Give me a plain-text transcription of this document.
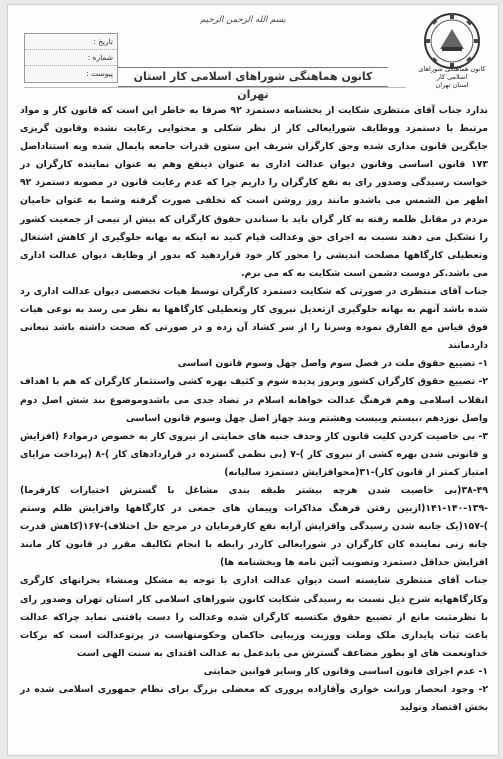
کانون هماهنگی شوراهای اسلامی کار
استان تهران
بسم الله الرحمن الرحیم
تاریخ :
شماره :
پیوست :	کانون هماهنگی شوراهای اسلامی کار استان تهران

ندارد جناب آقای منتظری شکایت از بخشنامه دستمزد ۹۲ صرفا به خاطر این است که قانون کار و مواد مرتبط با دستمزد ووظایف شورایعالی کار از نظر شکلی و محتوایی رعایت نشده وقانون گریزی جایگزین قانون مداری شده وحق کارگران شریف این ستون قدرات جامعه پایمال شده وبه استناداصل ۱۷۳ قانون اساسی وقانون دیوان عدالت اداری به عنوان ذینفع وهم به عنوان نماینده کارگران در خواست رسیدگی وصدور رای به نفع کارگران را داریم چرا که عدم رعایت قانون در مصوبه دستمزد ۹۲ اظهر من الشمس می باشدو مانند روز روشن است که تخلفی صورت گرفته وشما به عنوان حامیان مردم در مقابل ظلمه رفته به کار گران باید با ستاندن حقوق کارگران که بیش از نیمی از جمعیت کشور را تشکیل می دهند نسبت به اجرای حق وعدالت قیام کنید نه اینکه به بهانه جلوگیری از کاهش اشتغال وتعطیلی کارگاهها مصلحت اندیشی را محور کار خود قراردهید که بدور از وظایف دیوان عدالت اداری می باشد.کر دوست دشمن است شکایت به که می برم.

جناب آقای منتظری در صورتی که شکایت دستمزد کارگران توسط هیات تخصصی دیوان عدالت اداری رد شده باشد آنهم به بهانه جلوگیری ازتعدیل نیروی کار وتعطیلی کارگاهها به نظر می رسد به نوعی هیات فوق قیاس مع الفارق نموده وسرنا را از سر کشاد آن زده و در صورتی که صحت داشته باشد تبعاتی داردمانند

۱- تضییع حقوق ملت در فصل سوم واصل چهل وسوم قانون اساسی

۲- تضییع حقوق کارگران کشور وبروز پدیده شوم و کثیف بهره کشی واستثمار کارگران که هم با اهداف انقلاب اسلامی وهم فرهنگ عدالت خواهانه اسلام در تضاد جدی می باشدوموضوع بند شش اصل دوم واصل نوزدهم ،بیستم وبیست وهشتم وبند چهار اصل چهل وسوم قانون اساسی

۳- بی خاصیت کردن کلیت قانون کار وحذف جنبه های حمایتی از نیروی کار به خصوص درمواد۶ (افزایش و قانونی شدن بهره کشی از نیروی کار )-۷ (بی نظمی گسترده در قراردادهای کار )-۸ (پرداخت مزایای امتیاز کمتر از قانون کار)-۳۱(محوافزایش دستمزد سالیانه)

۳۸-۴۹(بی خاصیت شدن هرچه بیشتر طبقه بندی مشاغل با گسترش اختیارات کارفرما) -۱۳۹-۱۴۰-۱۴۱(ازبین رفتن فرهنگ مذاکرات وپیمان های جمعی در کارگاهها وافزایش ظلم وستم )-۱۵۷(یک جانبه شدن رسیدگی واقزایش آرابه نفع کارفرمایان در مرجع حل اختلاف)-۱۶۷(کاهش قدرت چانه زنی نماینده کان کارگران در شورایعالی کاردر رابطه با انجام تکالیف مقرر در قانون کار مانند افزایش حداقل دستمزد وتصویب آئین نامه ها وبخشنامه ها)

جناب آقای منتظری شایسته است دیوان عدالت اداری با توجه به مشکل ومنشاء بحرانهای کارگری وکارگاههایه شرح ذیل نسبت به رسیدگی شکایت کانون شوراهای اسلامی کار استان تهران وصدور رای با نظرمثبت مانع از تضییع حقوق مکتسبه کارگران شده وعدالت را دست یافتنی نماید چراکه عدالت باعث ثبات پایداری ملک وملت ووزیت وزیبایی حاکمان وحکومتهاست در پرتوعدالت است که برکات خداونعمت های او بطور مضاعف گسترش می یابدعمل به عدالت اقتدای به سنت الهی است

۱- عدم اجرای قانون اساسی وقانون کار وسایر قوانین حمایتی

۲- وجود انحصار ورانت خواری وآقازاده پروری که معضلی بزرگ برای نظام جمهوری اسلامی شده در بخش اقتصاد وتولید
